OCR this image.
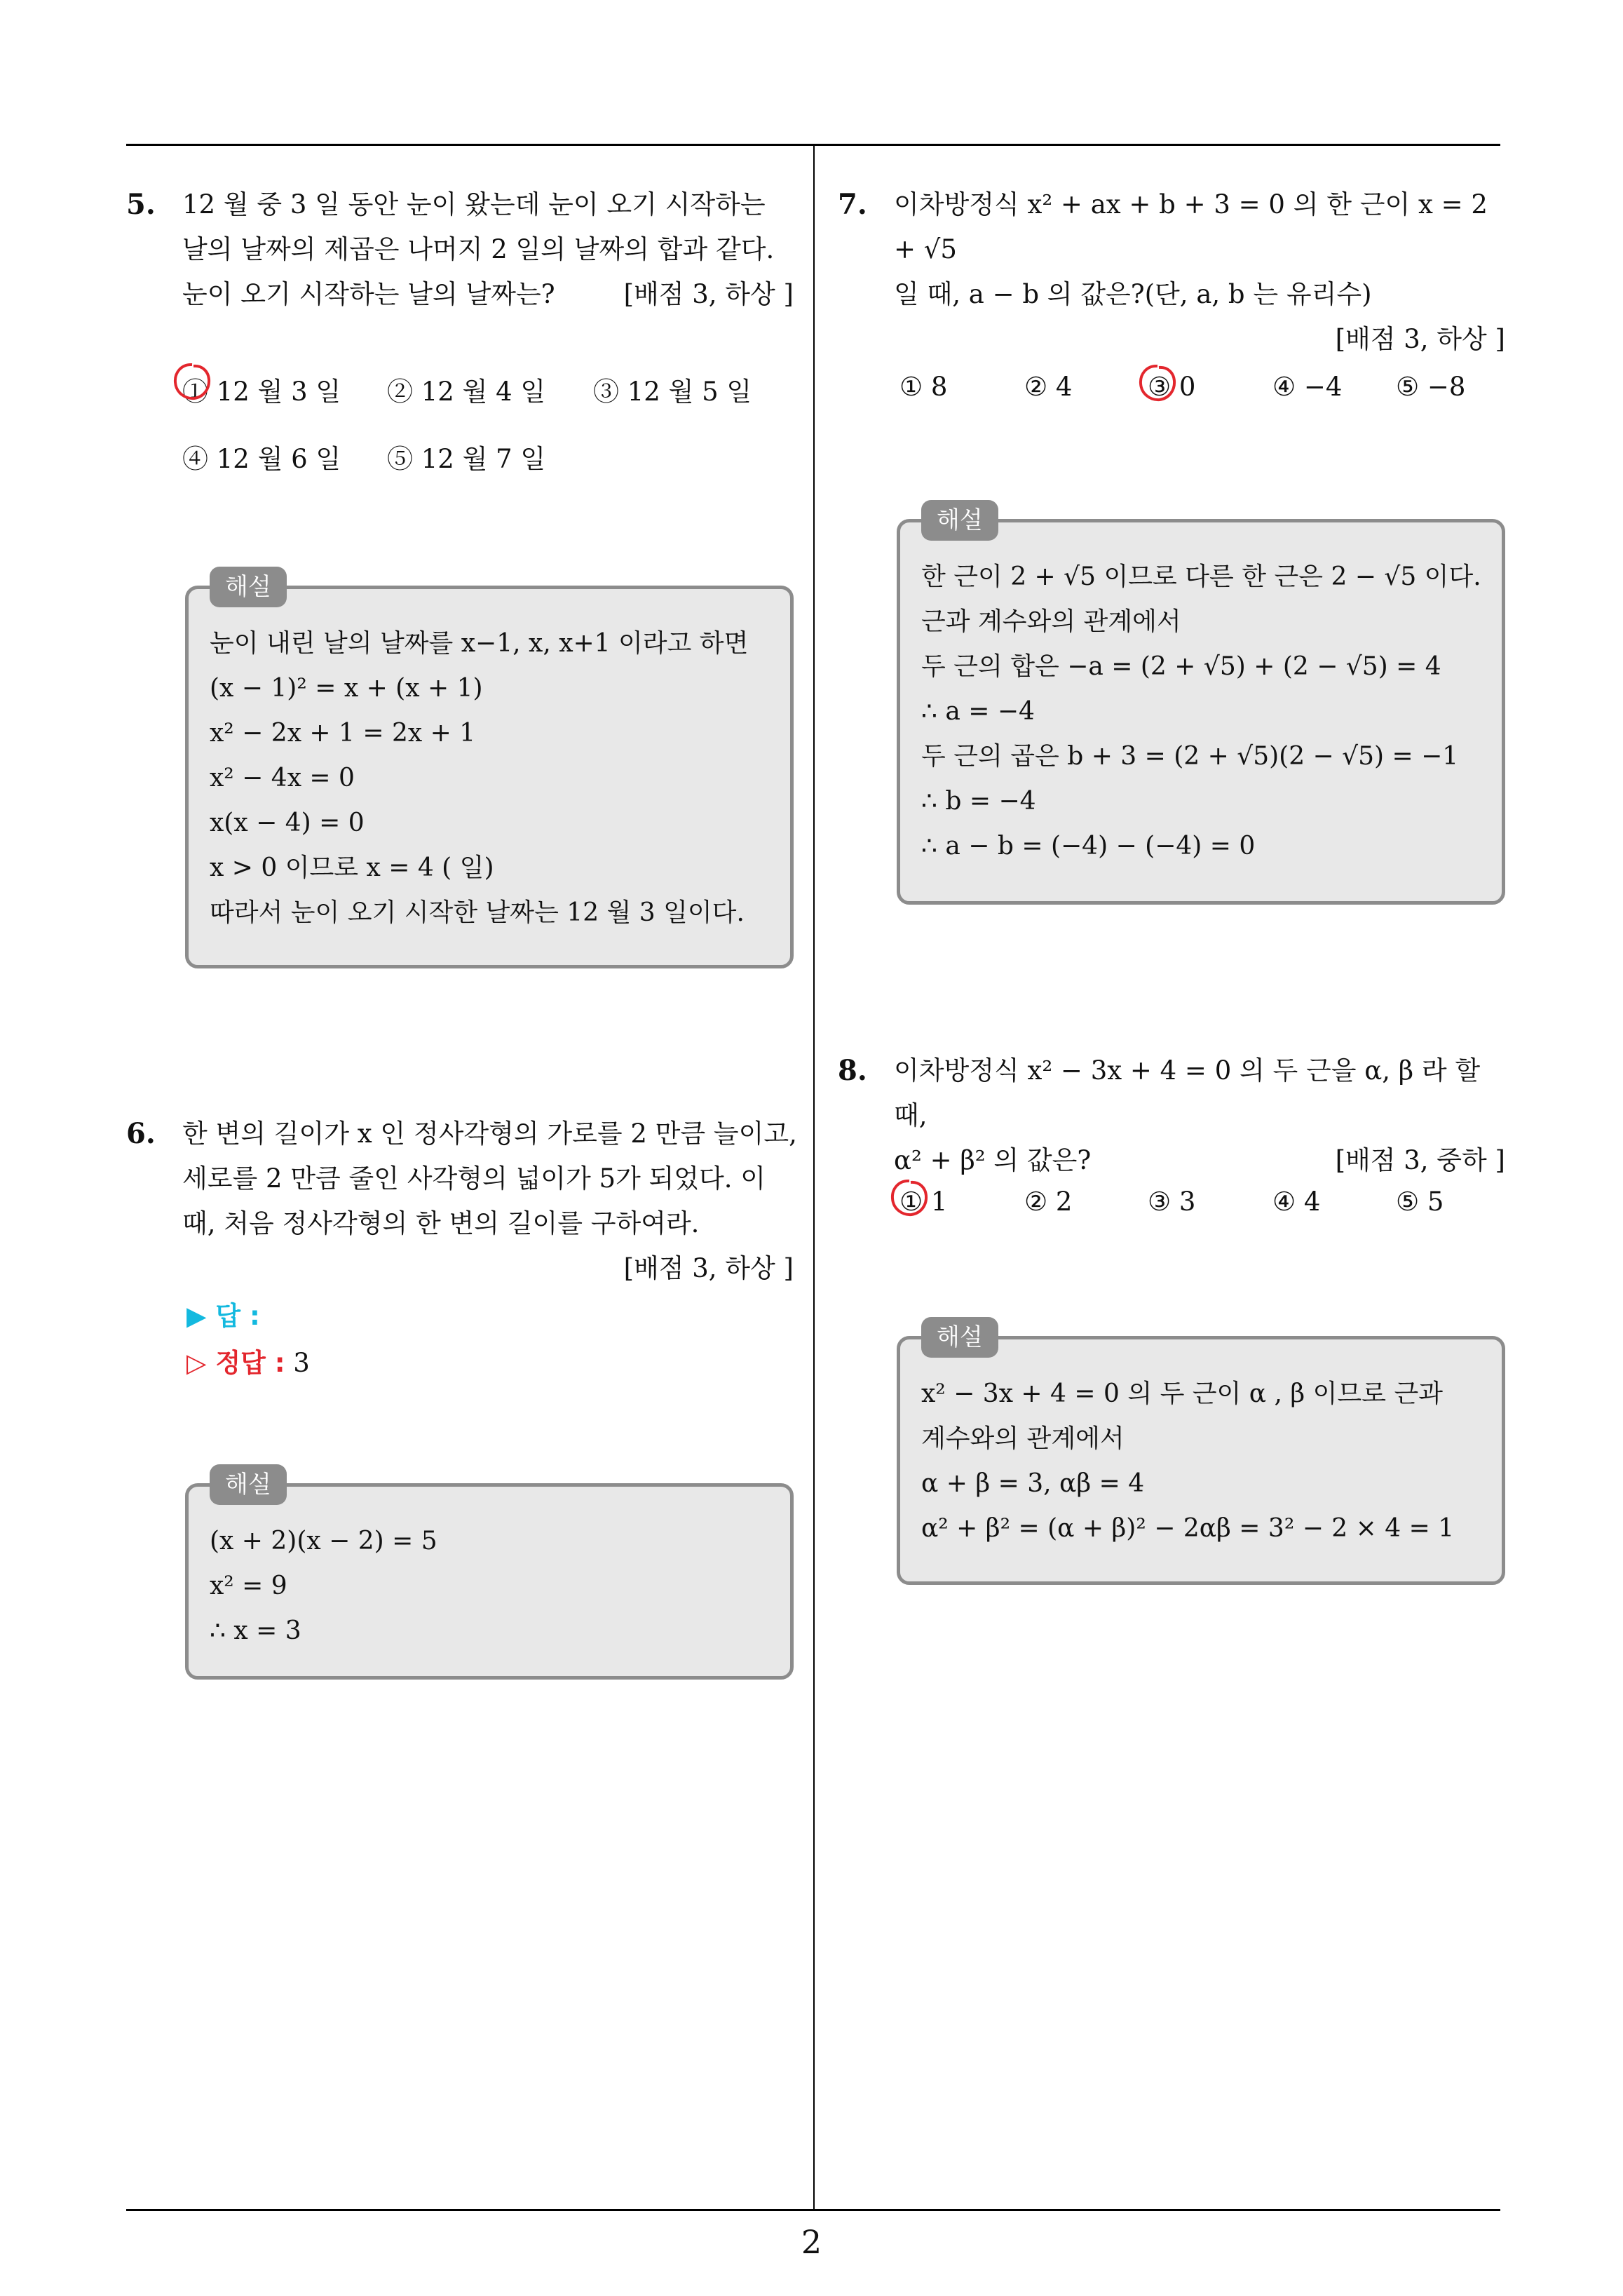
5. 12 월 중 3 일 동안 눈이 왔는데 눈이 오기 시작하는

날의 날짜의 제곱은 나머지 2 일의 날짜의 합과 같다.

눈이 오기 시작하는 날의 날짜는?	[배점 3, 하상 ]

① 12 월 3 일 ② 12 월 4 일 ③ 12 월 5 일
④ 12 월 6 일 ⑤ 12 월 7 일
해설

눈이 내린 날의 날짜를 x−1, x, x+1 이라고 하면

(x − 1)² = x + (x + 1)

x² − 2x + 1 = 2x + 1

x² − 4x = 0

x(x − 4) = 0

x > 0 이므로 x = 4 ( 일)

따라서 눈이 오기 시작한 날짜는 12 월 3 일이다.

6. 한 변의 길이가 x 인 정사각형의 가로를 2 만큼 늘이고,

세로를 2 만큼 줄인 사각형의 넓이가 5가 되었다. 이

때, 처음 정사각형의 한 변의 길이를 구하여라.

[배점 3, 하상 ]

▶ 답 :
▷ 정답 : 3
해설

(x + 2)(x − 2) = 5

x² = 9

∴ x = 3

7. 이차방정식 x² + ax + b + 3 = 0 의 한 근이 x = 2 + √5

일 때, a − b 의 값은?(단, a, b 는 유리수)

[배점 3, 하상 ]

① 8	② 4	③ 0	④ −4 ⑤ −8
해설

한 근이 2 + √5 이므로 다른 한 근은 2 − √5 이다.

근과 계수와의 관계에서

두 근의 합은 −a = (2 + √5) + (2 − √5) = 4

∴ a = −4

두 근의 곱은 b + 3 = (2 + √5)(2 − √5) = −1

∴ b = −4

∴ a − b = (−4) − (−4) = 0

8. 이차방정식 x² − 3x + 4 = 0 의 두 근을 α, β 라 할 때,

α² + β² 의 값은?	[배점 3, 중하 ]

① 1	② 2	③ 3	④ 4	⑤ 5
해설

x² − 3x + 4 = 0 의 두 근이 α , β 이므로 근과

계수와의 관계에서

α + β = 3, αβ = 4

α² + β² = (α + β)² − 2αβ = 3² − 2 × 4 = 1

2
